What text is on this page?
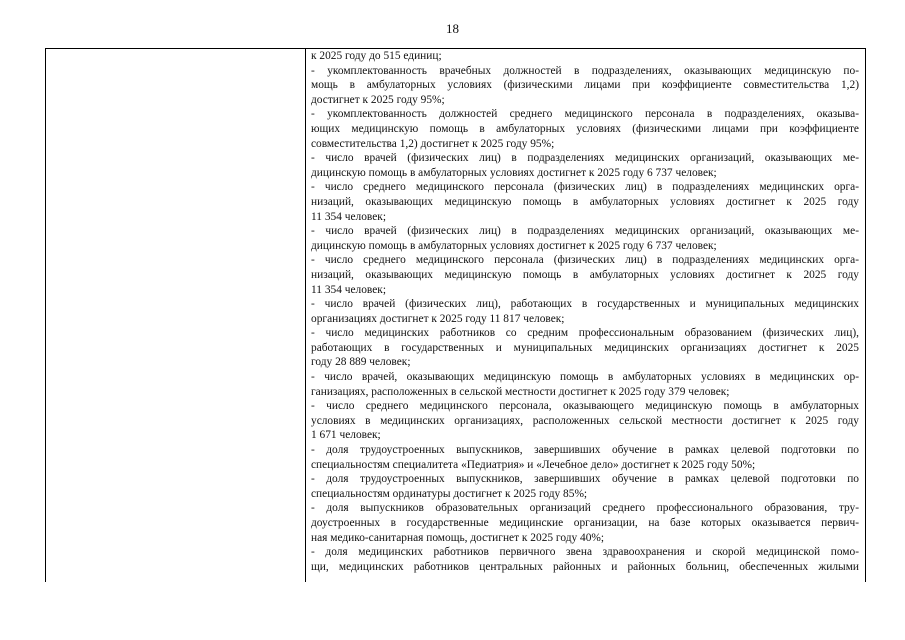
18
к 2025 году до 515 единиц;
- укомплектованность врачебных должностей в подразделениях, оказывающих медицинскую по-
мощь в амбулаторных условиях (физическими лицами при коэффициенте совместительства 1,2)
достигнет к 2025 году 95%;
- укомплектованность должностей среднего медицинского персонала в подразделениях, оказыва-
ющих медицинскую помощь в амбулаторных условиях (физическими лицами при коэффициенте
совместительства 1,2) достигнет к 2025 году 95%;
- число врачей (физических лиц) в подразделениях медицинских организаций, оказывающих ме-
дицинскую помощь в амбулаторных условиях достигнет к 2025 году 6 737 человек;
- число среднего медицинского персонала (физических лиц) в подразделениях медицинских орга-
низаций, оказывающих медицинскую помощь в амбулаторных условиях достигнет к 2025 году
11 354 человек;
- число врачей (физических лиц) в подразделениях медицинских организаций, оказывающих ме-
дицинскую помощь в амбулаторных условиях достигнет к 2025 году 6 737 человек;
- число среднего медицинского персонала (физических лиц) в подразделениях медицинских орга-
низаций, оказывающих медицинскую помощь в амбулаторных условиях достигнет к 2025 году
11 354 человек;
- число врачей (физических лиц), работающих в государственных и муниципальных медицинских
организациях достигнет к 2025 году 11 817 человек;
- число медицинских работников со средним профессиональным образованием (физических лиц),
работающих в государственных и муниципальных медицинских организациях достигнет к 2025
году 28 889 человек;
- число врачей, оказывающих медицинскую помощь в амбулаторных условиях в медицинских ор-
ганизациях, расположенных в сельской местности достигнет к 2025 году 379 человек;
- число среднего медицинского персонала, оказывающего медицинскую помощь в амбулаторных
условиях в медицинских организациях, расположенных сельской местности достигнет к 2025 году
1 671 человек;
- доля трудоустроенных выпускников, завершивших обучение в рамках целевой подготовки по
специальностям специалитета «Педиатрия» и «Лечебное дело» достигнет к 2025 году 50%;
- доля трудоустроенных выпускников, завершивших обучение в рамках целевой подготовки по
специальностям ординатуры достигнет к 2025 году 85%;
- доля выпускников образовательных организаций среднего профессионального образования, тру-
доустроенных в государственные медицинские организации, на базе которых оказывается первич-
ная медико-санитарная помощь, достигнет к 2025 году 40%;
- доля медицинских работников первичного звена здравоохранения и скорой медицинской помо-
щи, медицинских работников центральных районных и районных больниц, обеспеченных жилыми
